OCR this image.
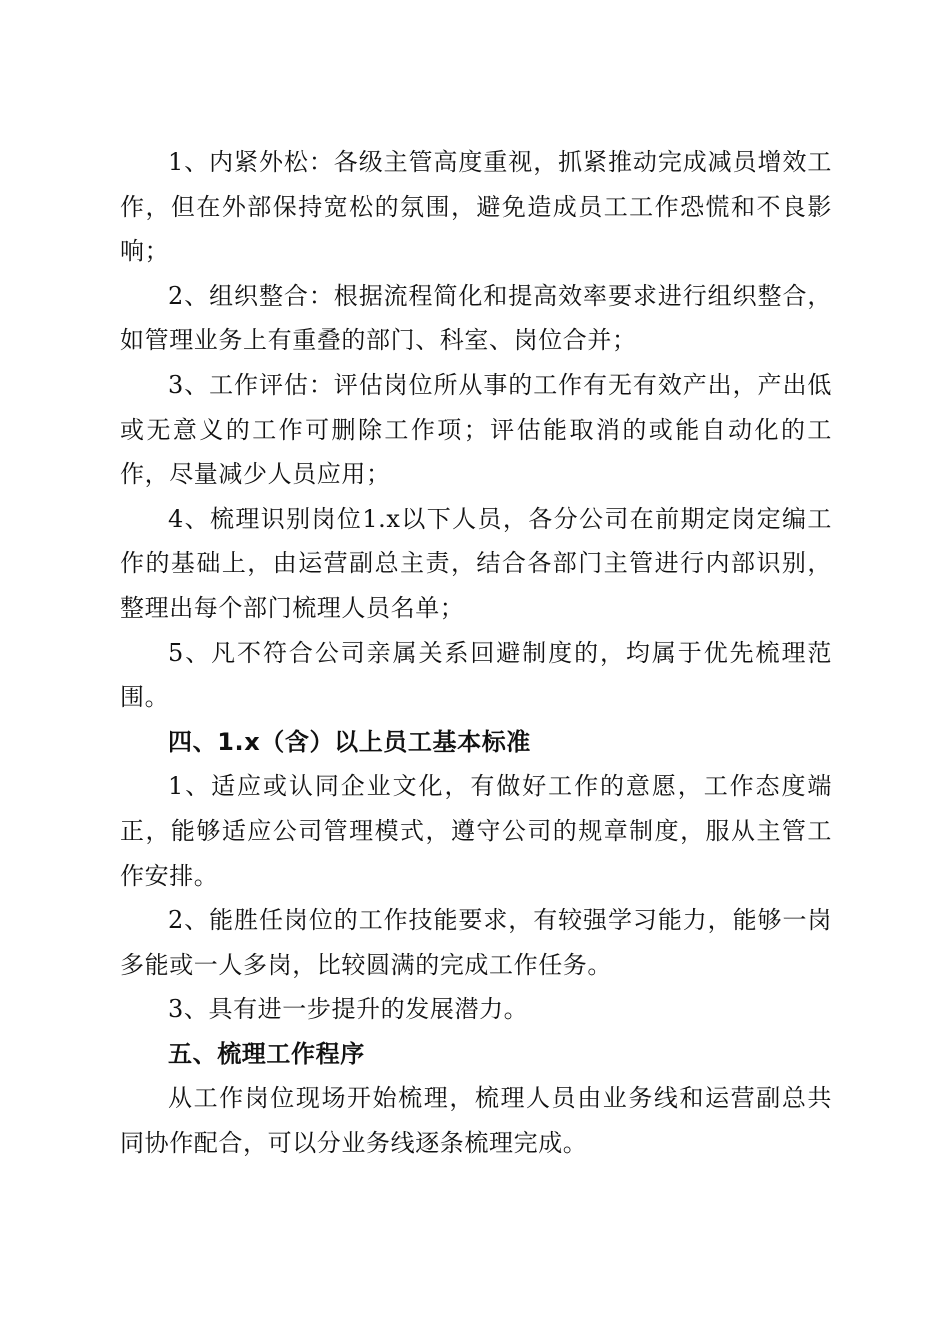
1、内紧外松：各级主管高度重视，抓紧推动完成减员增效工作，但在外部保持宽松的氛围，避免造成员工工作恐慌和不良影响；

2、组织整合：根据流程简化和提高效率要求进行组织整合，如管理业务上有重叠的部门、科室、岗位合并；

3、工作评估：评估岗位所从事的工作有无有效产出，产出低或无意义的工作可删除工作项；评估能取消的或能自动化的工作，尽量减少人员应用；

4、梳理识别岗位1.x以下人员，各分公司在前期定岗定编工作的基础上，由运营副总主责，结合各部门主管进行内部识别，整理出每个部门梳理人员名单；

5、凡不符合公司亲属关系回避制度的，均属于优先梳理范围。

四、1.x（含）以上员工基本标准

1、适应或认同企业文化，有做好工作的意愿，工作态度端正，能够适应公司管理模式，遵守公司的规章制度，服从主管工作安排。

2、能胜任岗位的工作技能要求，有较强学习能力，能够一岗多能或一人多岗，比较圆满的完成工作任务。

3、具有进一步提升的发展潜力。

五、梳理工作程序

从工作岗位现场开始梳理，梳理人员由业务线和运营副总共同协作配合，可以分业务线逐条梳理完成。
